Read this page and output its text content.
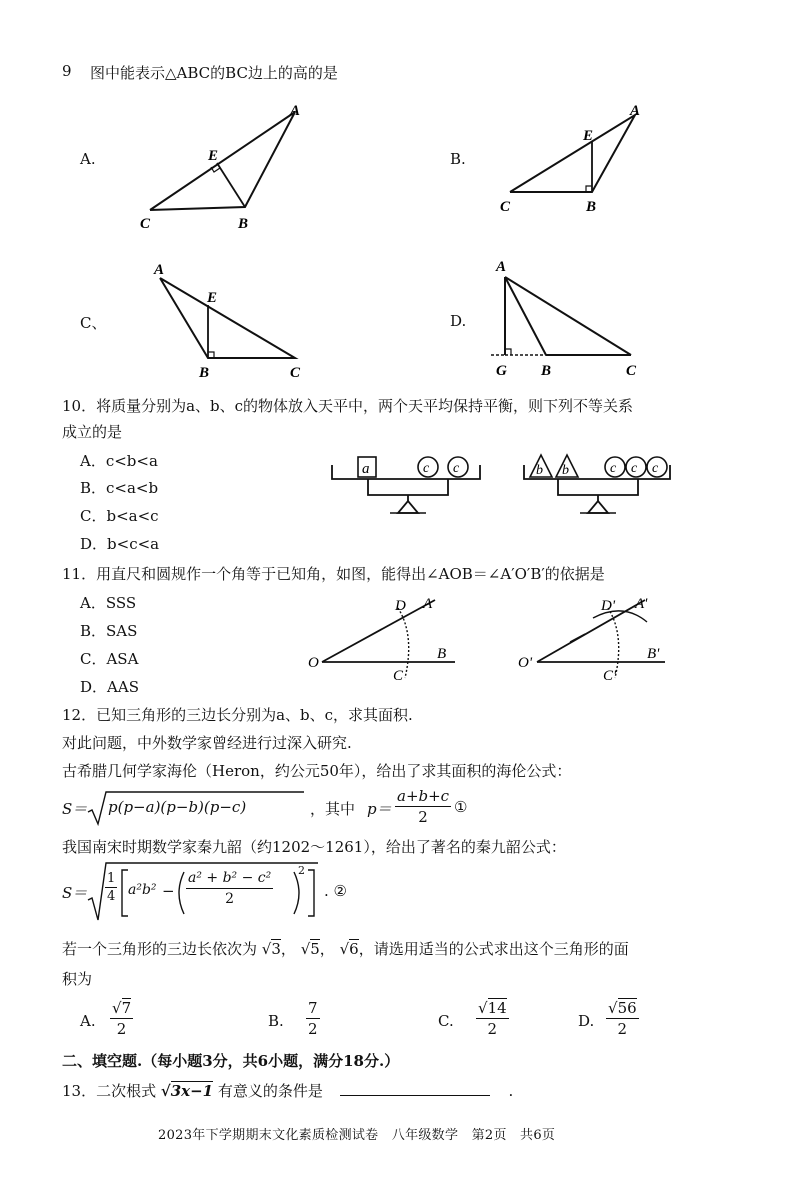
9 图中能表示△ABC的BC边上的高的是
A.
A
E
C	B
B.
A
E
C	B
C、
A
E
B	C
D.
A
G B	C
10．将质量分别为a、b、c的物体放入天平中，两个天平均保持平衡，则下列不等关系
成立的是
A．c<b<a
B．c<a<b
C．b<a<c
D．b<c<a
a	c c	b b	c c c
11．用直尺和圆规作一个角等于已知角，如图，能得出∠AOB＝∠A′O′B′的依据是
A．SSS
B．SAS
C．ASA
D．AAS
O
D A
C
B
O'
D' A'
C'
B'
12．已知三角形的三边长分别为a、b、c，求其面积.
对此问题，中外数学家曾经进行过深入研究.
古希腊几何学家海伦（Heron，约公元50年），给出了求其面积的海伦公式：
S＝ p(p−a)(p−b)(p−c)	，其中 $p= \frac{a+b+c}{2}$ ①
我国南宋时期数学家秦九韶（约1202～1261），给出了著名的秦九韶公式：
$S= \frac{1}{4} a^2b^2 - \frac{\text{a² + b² − c²}}{2} 2$
. ②
若一个三角形的三边长依次为 √3， √5， √6，请选用适当的公式求出这个三角形的面
积为
A. $\frac{√7}{2}$	B. $\frac{7}{2}$	C. $\frac{√14}{2}$	D. $\frac{√56}{2}$
二、填空题.（每小题3分，共6小题，满分18分.）
13．二次根式 √3x−1 有意义的条件是	.
2023年下学期期末文化素质检测试卷　八年级数学　第2页　共6页
